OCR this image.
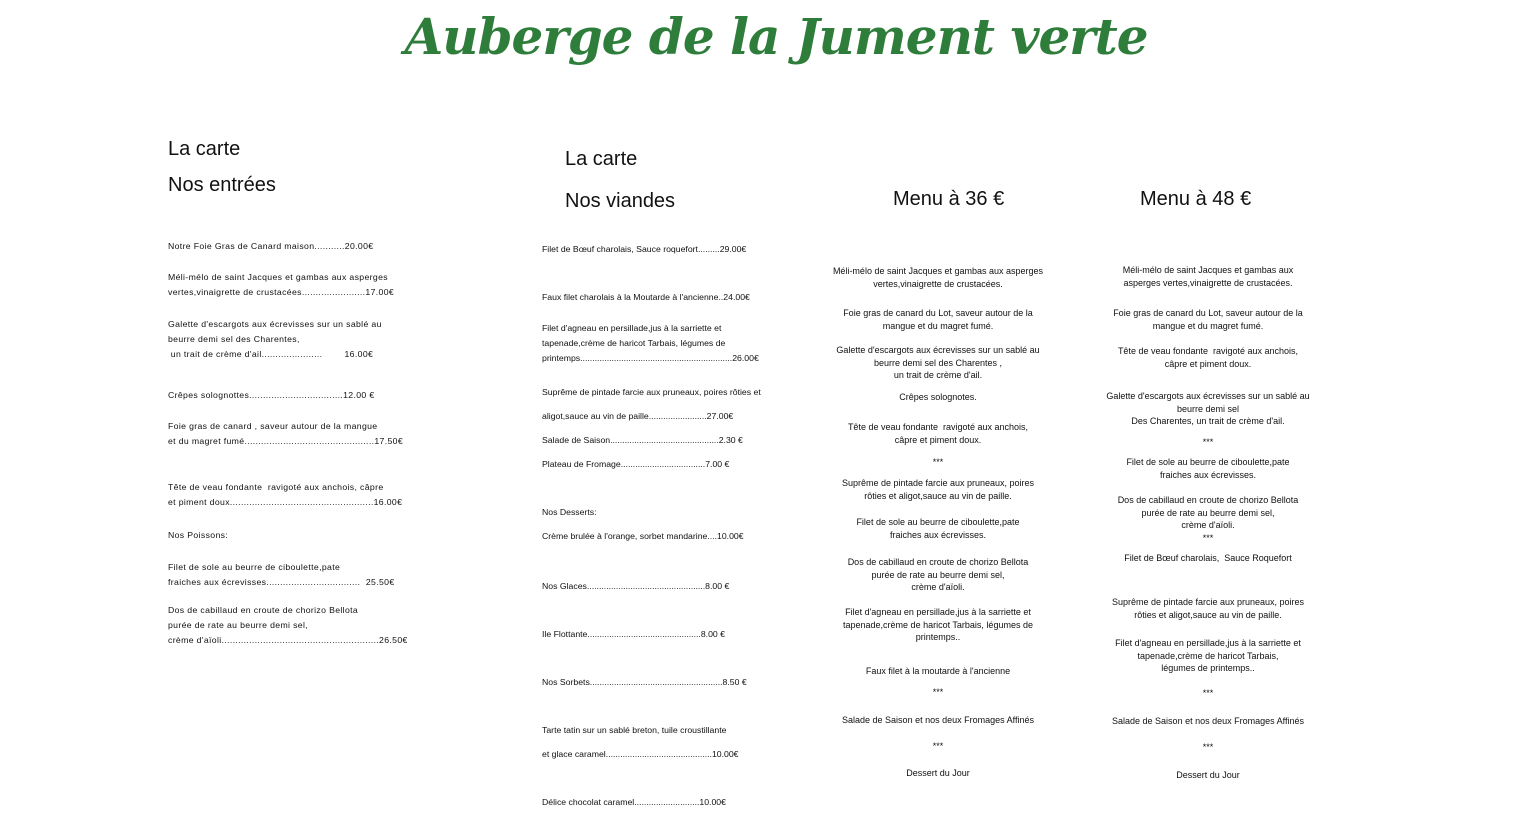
Auberge de la Jument verte
La carte
Nos entrées
Notre Foie Gras de Canard maison...........20.00€
Méli-mélo de saint Jacques et gambas aux asperges
vertes,vinaigrette de crustacées.......................17.00€
Galette d'escargots aux écrevisses sur un sablé au
beurre demi sel des Charentes,
un trait de crème d'ail......................        16.00€
Crêpes solognottes..................................12.00 €
Foie gras de canard , saveur autour de la mangue
et du magret fumé...............................................17.50€
Tête de veau fondante  ravigoté aux anchois, câpre
et piment doux....................................................16.00€
Nos Poissons:
Filet de sole au beurre de ciboulette,pate
fraiches aux écrevisses..................................  25.50€
Dos de cabillaud en croute de chorizo Bellota
purée de rate au beurre demi sel,
crème d'aïoli.........................................................26.50€
La carte
Nos viandes
Filet de Bœuf charolais, Sauce roquefort.........29.00€
Faux filet charolais à la Moutarde à l'ancienne..24.00€
Filet d'agneau en persillade,jus à la sarriette et
tapenade,crème de haricot Tarbais, légumes de
printemps...............................................................26.00€
Suprême de pintade farcie aux pruneaux, poires rôties et
aligot,sauce au vin de paille........................27.00€
Salade de Saison.............................................2.30 €
Plateau de Fromage...................................7.00 €
Nos Desserts:
Crème brulée à l'orange, sorbet mandarine....10.00€
Nos Glaces.................................................8.00 €
Ile Flottante...............................................8.00 €
Nos Sorbets.......................................................8.50 €
Tarte tatin sur un sablé breton, tuile croustillante
et glace caramel............................................10.00€
Délice chocolat caramel...........................10.00€
Menu à 36 €
Méli-mélo de saint Jacques et gambas aux asperges
vertes,vinaigrette de crustacées.
Foie gras de canard du Lot, saveur autour de la
mangue et du magret fumé.
Galette d'escargots aux écrevisses sur un sablé au
beurre demi sel des Charentes ,
un trait de crème d'ail.
Crêpes solognotes.
Tête de veau fondante  ravigoté aux anchois,
câpre et piment doux.
***
Suprême de pintade farcie aux pruneaux, poires
rôties et aligot,sauce au vin de paille.
Filet de sole au beurre de ciboulette,pate
fraiches aux écrevisses.
Dos de cabillaud en croute de chorizo Bellota
purée de rate au beurre demi sel,
crème d'aïoli.
Filet d'agneau en persillade,jus à la sarriette et
tapenade,crème de haricot Tarbais, légumes de
printemps..
Faux filet à la moutarde à l'ancienne
***
Salade de Saison et nos deux Fromages Affinés
***
Dessert du Jour
Menu à 48 €
Méli-mélo de saint Jacques et gambas aux
asperges vertes,vinaigrette de crustacées.
Foie gras de canard du Lot, saveur autour de la
mangue et du magret fumé.
Tête de veau fondante  ravigoté aux anchois,
câpre et piment doux.
Galette d'escargots aux écrevisses sur un sablé au
beurre demi sel
Des Charentes, un trait de crème d'ail.
***
Filet de sole au beurre de ciboulette,pate
fraiches aux écrevisses.
Dos de cabillaud en croute de chorizo Bellota
purée de rate au beurre demi sel,
crème d'aïoli.
***
Filet de Bœuf charolais,  Sauce Roquefort
Suprême de pintade farcie aux pruneaux, poires
rôties et aligot,sauce au vin de paille.
Filet d'agneau en persillade,jus à la sarriette et
tapenade,crème de haricot Tarbais,
légumes de printemps..
***
Salade de Saison et nos deux Fromages Affinés
***
Dessert du Jour
